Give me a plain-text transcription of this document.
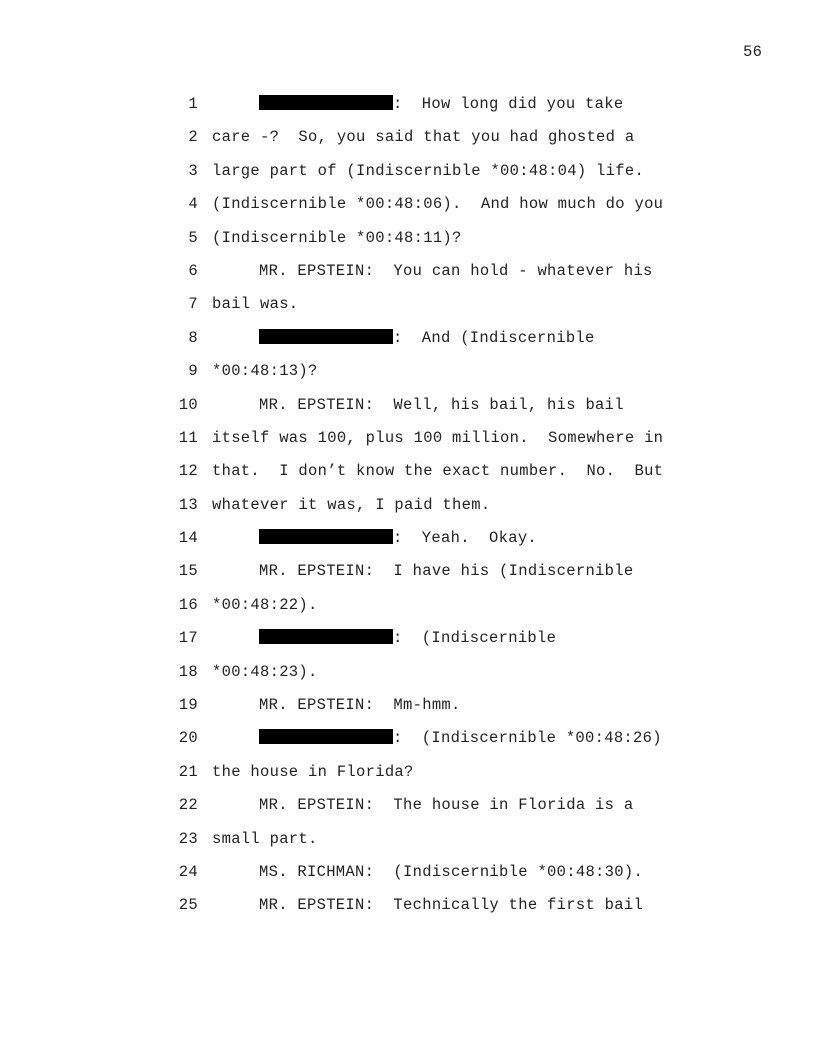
56
1	:  How long did you take
2 care -?  So, you said that you had ghosted a
3 large part of (Indiscernible *00:48:04) life.
4 (Indiscernible *00:48:06).  And how much do you
5 (Indiscernible *00:48:11)?
6	MR. EPSTEIN:  You can hold - whatever his
7 bail was.
8	:  And (Indiscernible
9 *00:48:13)?
10	MR. EPSTEIN:  Well, his bail, his bail
11 itself was 100, plus 100 million.  Somewhere in
12 that.  I don’t know the exact number.  No.  But
13 whatever it was, I paid them.
14	:  Yeah.  Okay.
15	MR. EPSTEIN:  I have his (Indiscernible
16 *00:48:22).
17	:  (Indiscernible
18 *00:48:23).
19	MR. EPSTEIN:  Mm-hmm.
20	:  (Indiscernible *00:48:26)
21 the house in Florida?
22	MR. EPSTEIN:  The house in Florida is a
23 small part.
24	MS. RICHMAN:  (Indiscernible *00:48:30).
25	MR. EPSTEIN:  Technically the first bail
